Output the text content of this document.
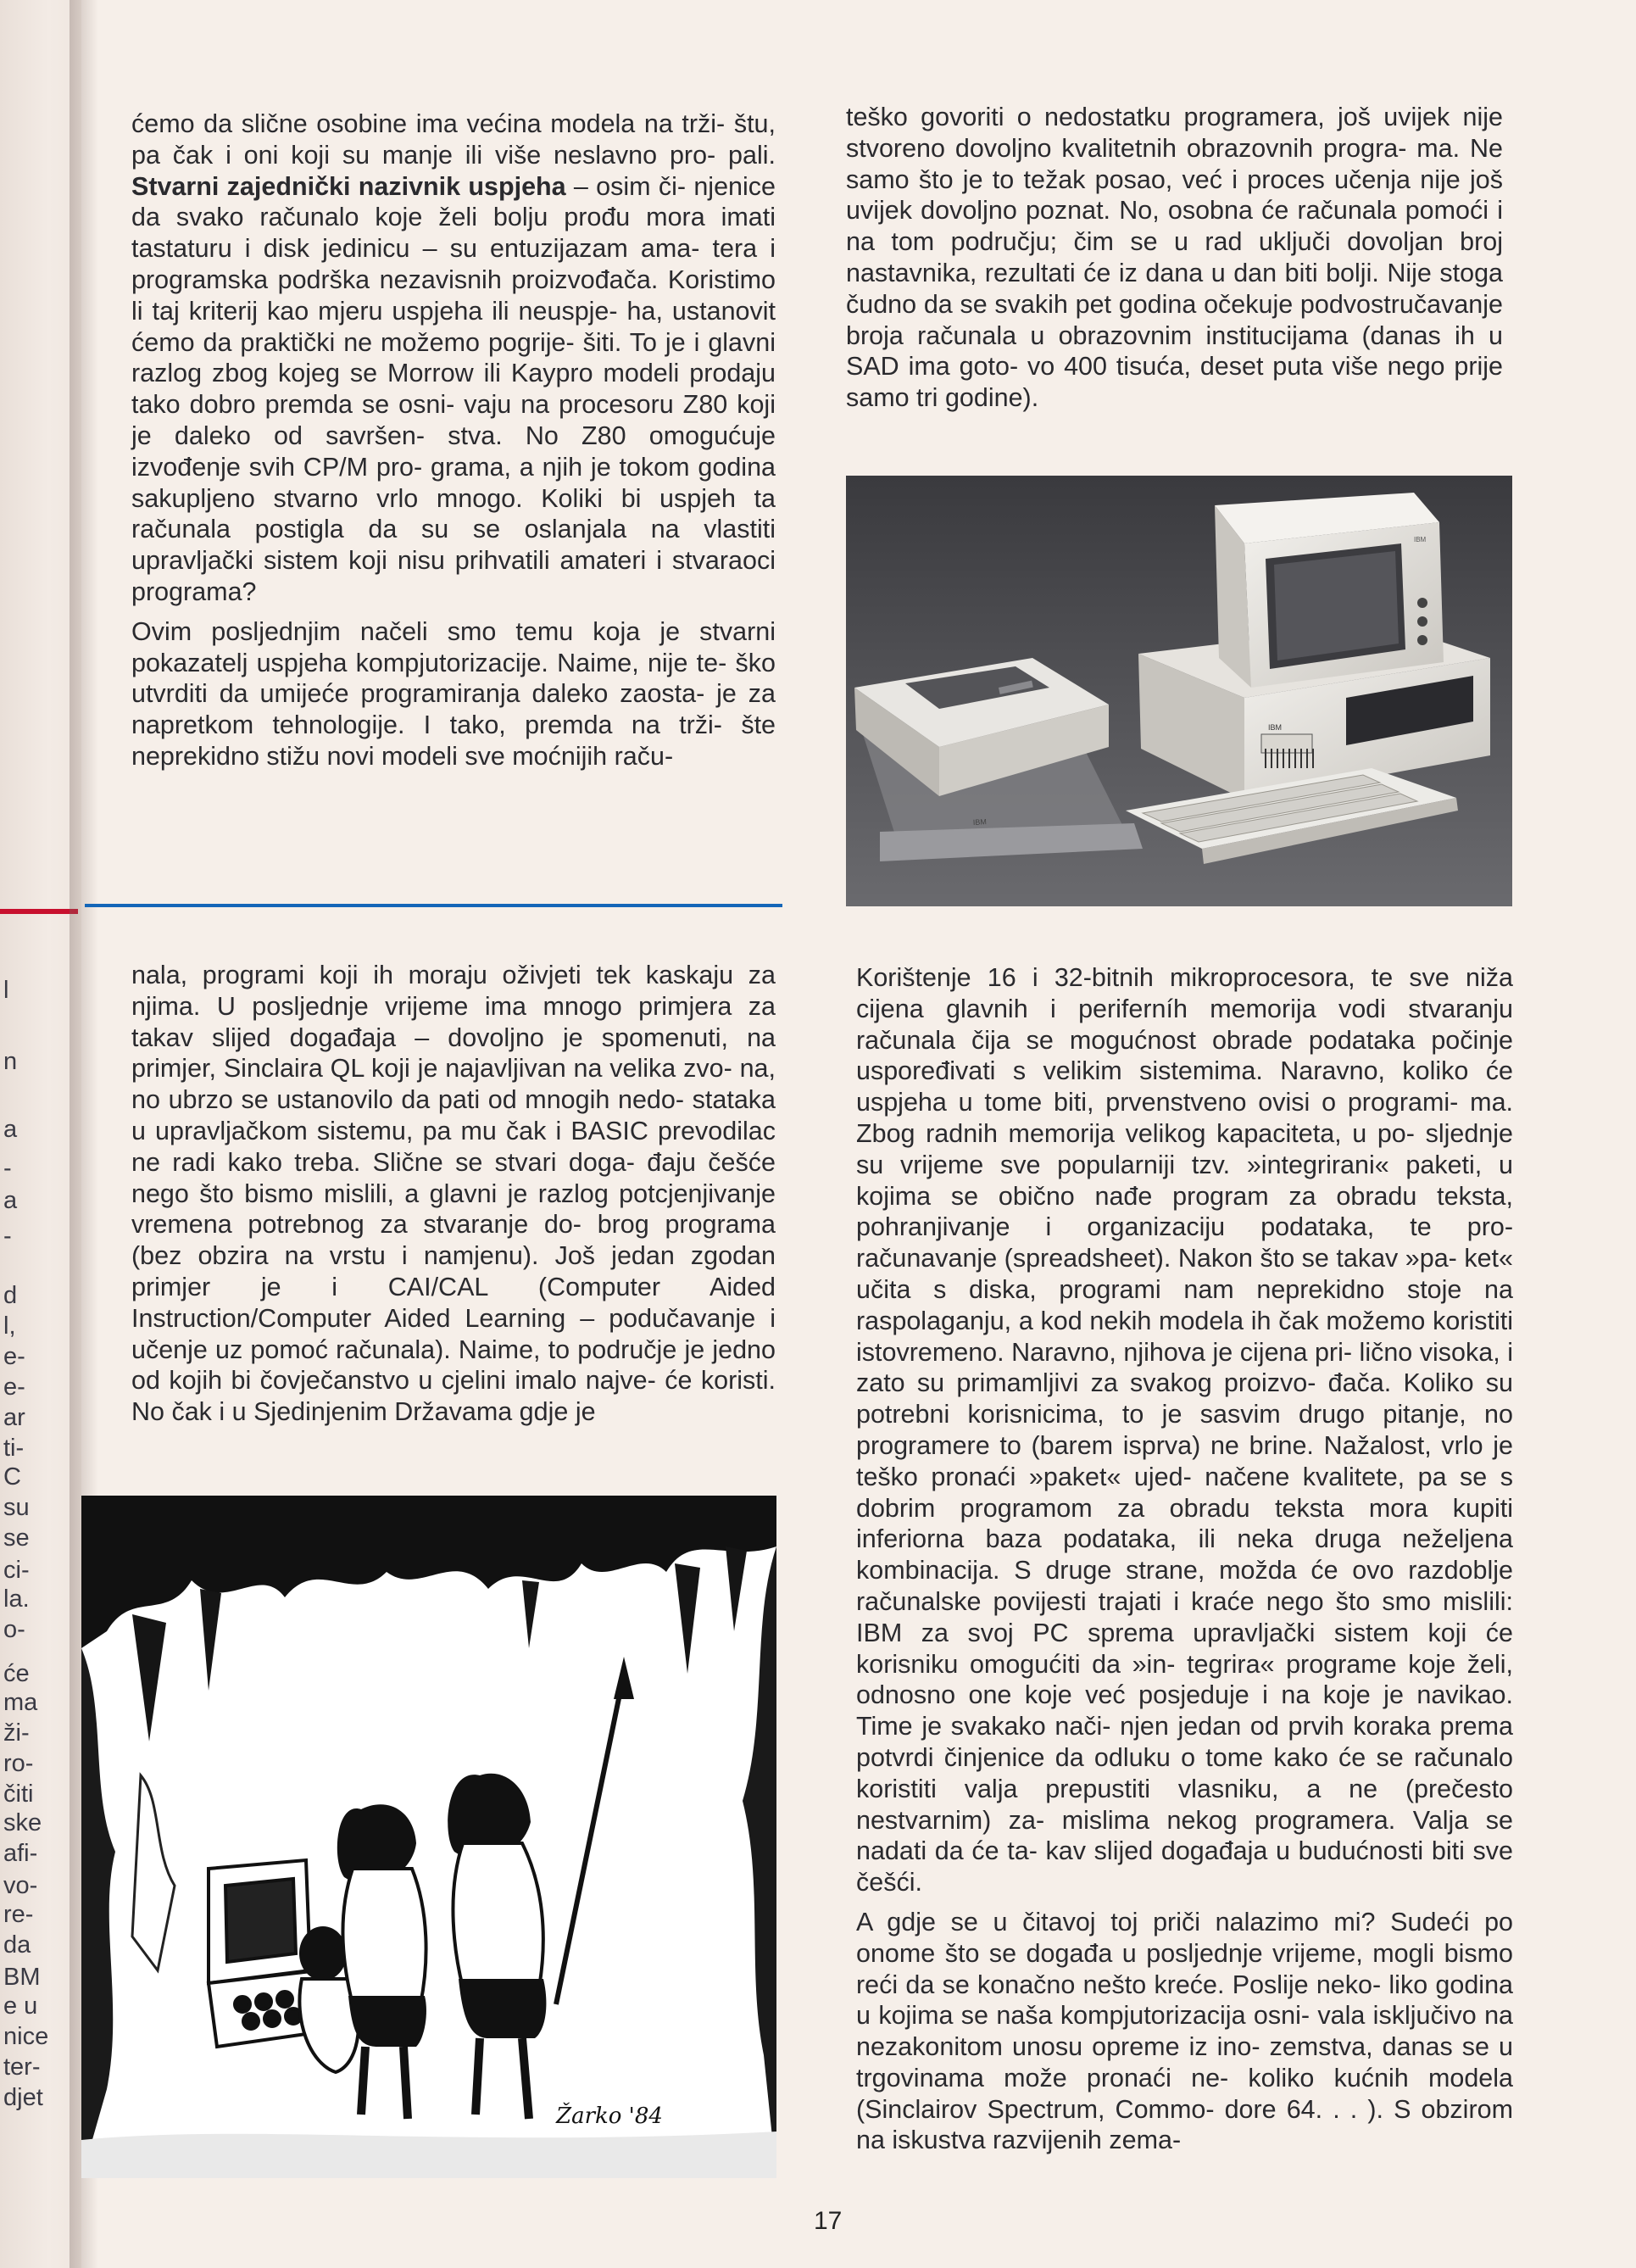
l
n
a
-
a
-
d
l,
e-
e-
ar
ti-
C
su
se
ci-
la.
o-
će
ma
ži-
ro-
čiti
ske
afi-
vo-
re-
da
BM
e u
nice
ter-
djet

ćemo da slične osobine ima većina modela na trži- štu, pa čak i oni koji su manje ili više neslavno pro- pali. Stvarni zajednički nazivnik uspjeha – osim či- njenice da svako računalo koje želi bolju prođu mora imati tastaturu i disk jedinicu – su entuzijazam ama- tera i programska podrška nezavisnih proizvođača. Koristimo li taj kriterij kao mjeru uspjeha ili neuspje- ha, ustanovit ćemo da praktički ne možemo pogrije- šiti. To je i glavni razlog zbog kojeg se Morrow ili Kaypro modeli prodaju tako dobro premda se osni- vaju na procesoru Z80 koji je daleko od savršen- stva. No Z80 omogućuje izvođenje svih CP/M pro- grama, a njih je tokom godina sakupljeno stvarno vrlo mnogo. Koliki bi uspjeh ta računala postigla da su se oslanjala na vlastiti upravljački sistem koji nisu prihvatili amateri i stvaraoci programa?

Ovim posljednjim načeli smo temu koja je stvarni pokazatelj uspjeha kompjutorizacije. Naime, nije te- ško utvrditi da umijeće programiranja daleko zaosta- je za napretkom tehnologije. I tako, premda na trži- šte neprekidno stižu novi modeli sve moćnijih raču-

teško govoriti o nedostatku programera, još uvijek nije stvoreno dovoljno kvalitetnih obrazovnih progra- ma. Ne samo što je to težak posao, već i proces učenja nije još uvijek dovoljno poznat. No, osobna će računala pomoći i na tom području; čim se u rad uključi dovoljan broj nastavnika, rezultati će iz dana u dan biti bolji. Nije stoga čudno da se svakih pet godina očekuje podvostručavanje broja računala u obrazovnim institucijama (danas ih u SAD ima goto- vo 400 tisuća, deset puta više nego prije samo tri godine).

IBM
IBM
IBM

nala, programi koji ih moraju oživjeti tek kaskaju za njima. U posljednje vrijeme ima mnogo primjera za takav slijed događaja – dovoljno je spomenuti, na primjer, Sinclaira QL koji je najavljivan na velika zvo- na, no ubrzo se ustanovilo da pati od mnogih nedo- stataka u upravljačkom sistemu, pa mu čak i BASIC prevodilac ne radi kako treba. Slične se stvari doga- đaju češće nego što bismo mislili, a glavni je razlog potcjenjivanje vremena potrebnog za stvaranje do- brog programa (bez obzira na vrstu i namjenu). Još jedan zgodan primjer je i CAI/CAL (Computer Aided Instruction/Computer Aided Learning – podučavanje i učenje uz pomoć računala). Naime, to područje je jedno od kojih bi čovječanstvo u cjelini imalo najve- će koristi. No čak i u Sjedinjenim Državama gdje je

Žarko '84

Korištenje 16 i 32-bitnih mikroprocesora, te sve niža cijena glavnih i periferníh memorija vodi stvaranju računala čija se mogućnost obrade podataka počinje uspoređivati s velikim sistemima. Naravno, koliko će uspjeha u tome biti, prvenstveno ovisi o programi- ma. Zbog radnih memorija velikog kapaciteta, u po- sljednje su vrijeme sve popularniji tzv. »integrirani« paketi, u kojima se obično nađe program za obradu teksta, pohranjivanje i organizaciju podataka, te pro- računavanje (spreadsheet). Nakon što se takav »pa- ket« učita s diska, programi nam neprekidno stoje na raspolaganju, a kod nekih modela ih čak možemo koristiti istovremeno. Naravno, njihova je cijena pri- lično visoka, i zato su primamljivi za svakog proizvo- đača. Koliko su potrebni korisnicima, to je sasvim drugo pitanje, no programere to (barem isprva) ne brine. Nažalost, vrlo je teško pronaći »paket« ujed- načene kvalitete, pa se s dobrim programom za obradu teksta mora kupiti inferiorna baza podataka, ili neka druga neželjena kombinacija. S druge strane, možda će ovo razdoblje računalske povijesti trajati i kraće nego što smo mislili: IBM za svoj PC sprema upravljački sistem koji će korisniku omogućiti da »in- tegrira« programe koje želi, odnosno one koje već posjeduje i na koje je navikao. Time je svakako nači- njen jedan od prvih koraka prema potvrdi činjenice da odluku o tome kako će se računalo koristiti valja prepustiti vlasniku, a ne (prečesto nestvarnim) za- mislima nekog programera. Valja se nadati da će ta- kav slijed događaja u budućnosti biti sve češći.

A gdje se u čitavoj toj priči nalazimo mi? Sudeći po onome što se događa u posljednje vrijeme, mogli bismo reći da se konačno nešto kreće. Poslije neko- liko godina u kojima se naša kompjutorizacija osni- vala isključivo na nezakonitom unosu opreme iz ino- zemstva, danas se u trgovinama može pronaći ne- koliko kućnih modela (Sinclairov Spectrum, Commo- dore 64. . . ). S obzirom na iskustva razvijenih zema-

17
